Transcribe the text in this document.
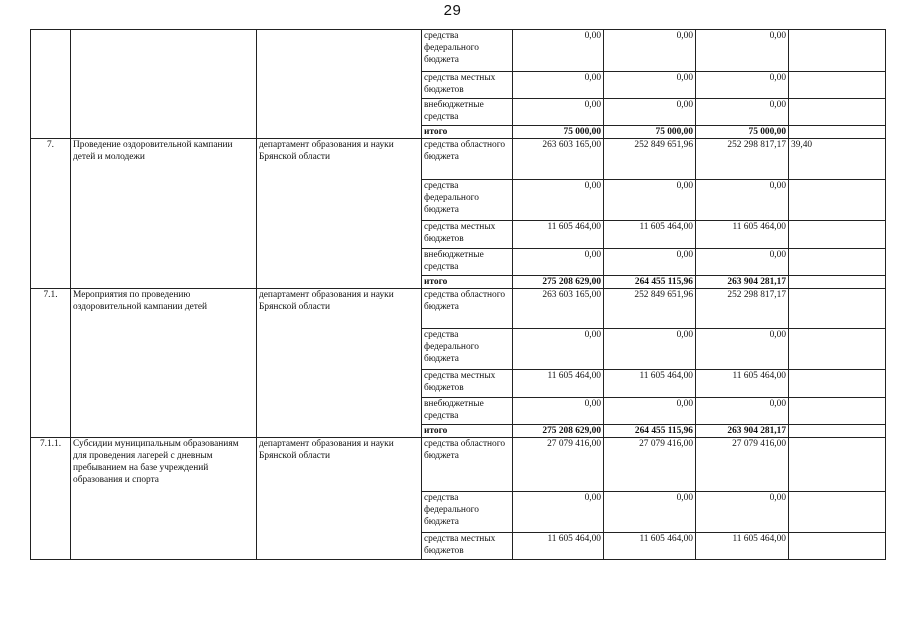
29
			средства федерального бюджета	0,00	0,00	0,00	
			средства местных бюджетов	0,00	0,00	0,00	
			внебюджетные средства	0,00	0,00	0,00	
			итого	75 000,00	75 000,00	75 000,00	
7.	Проведение оздоровительной кампании детей и молодежи	департамент образования и науки Брянской области	средства областного бюджета	263 603 165,00	252 849 651,96	252 298 817,17	39,40
			средства федерального бюджета	0,00	0,00	0,00	
			средства местных бюджетов	11 605 464,00	11 605 464,00	11 605 464,00	
			внебюджетные средства	0,00	0,00	0,00	
			итого	275 208 629,00	264 455 115,96	263 904 281,17	
7.1.	Мероприятия по проведению оздоровительной кампании детей	департамент образования и науки Брянской области	средства областного бюджета	263 603 165,00	252 849 651,96	252 298 817,17	
			средства федерального бюджета	0,00	0,00	0,00	
			средства местных бюджетов	11 605 464,00	11 605 464,00	11 605 464,00	
			внебюджетные средства	0,00	0,00	0,00	
			итого	275 208 629,00	264 455 115,96	263 904 281,17	
7.1.1.	Субсидии муниципальным образованиям для проведения лагерей с дневным пребыванием на базе учреждений образования и спорта	департамент образования и науки Брянской области	средства областного бюджета	27 079 416,00	27 079 416,00	27 079 416,00	
			средства федерального бюджета	0,00	0,00	0,00	
			средства местных бюджетов	11 605 464,00	11 605 464,00	11 605 464,00	
